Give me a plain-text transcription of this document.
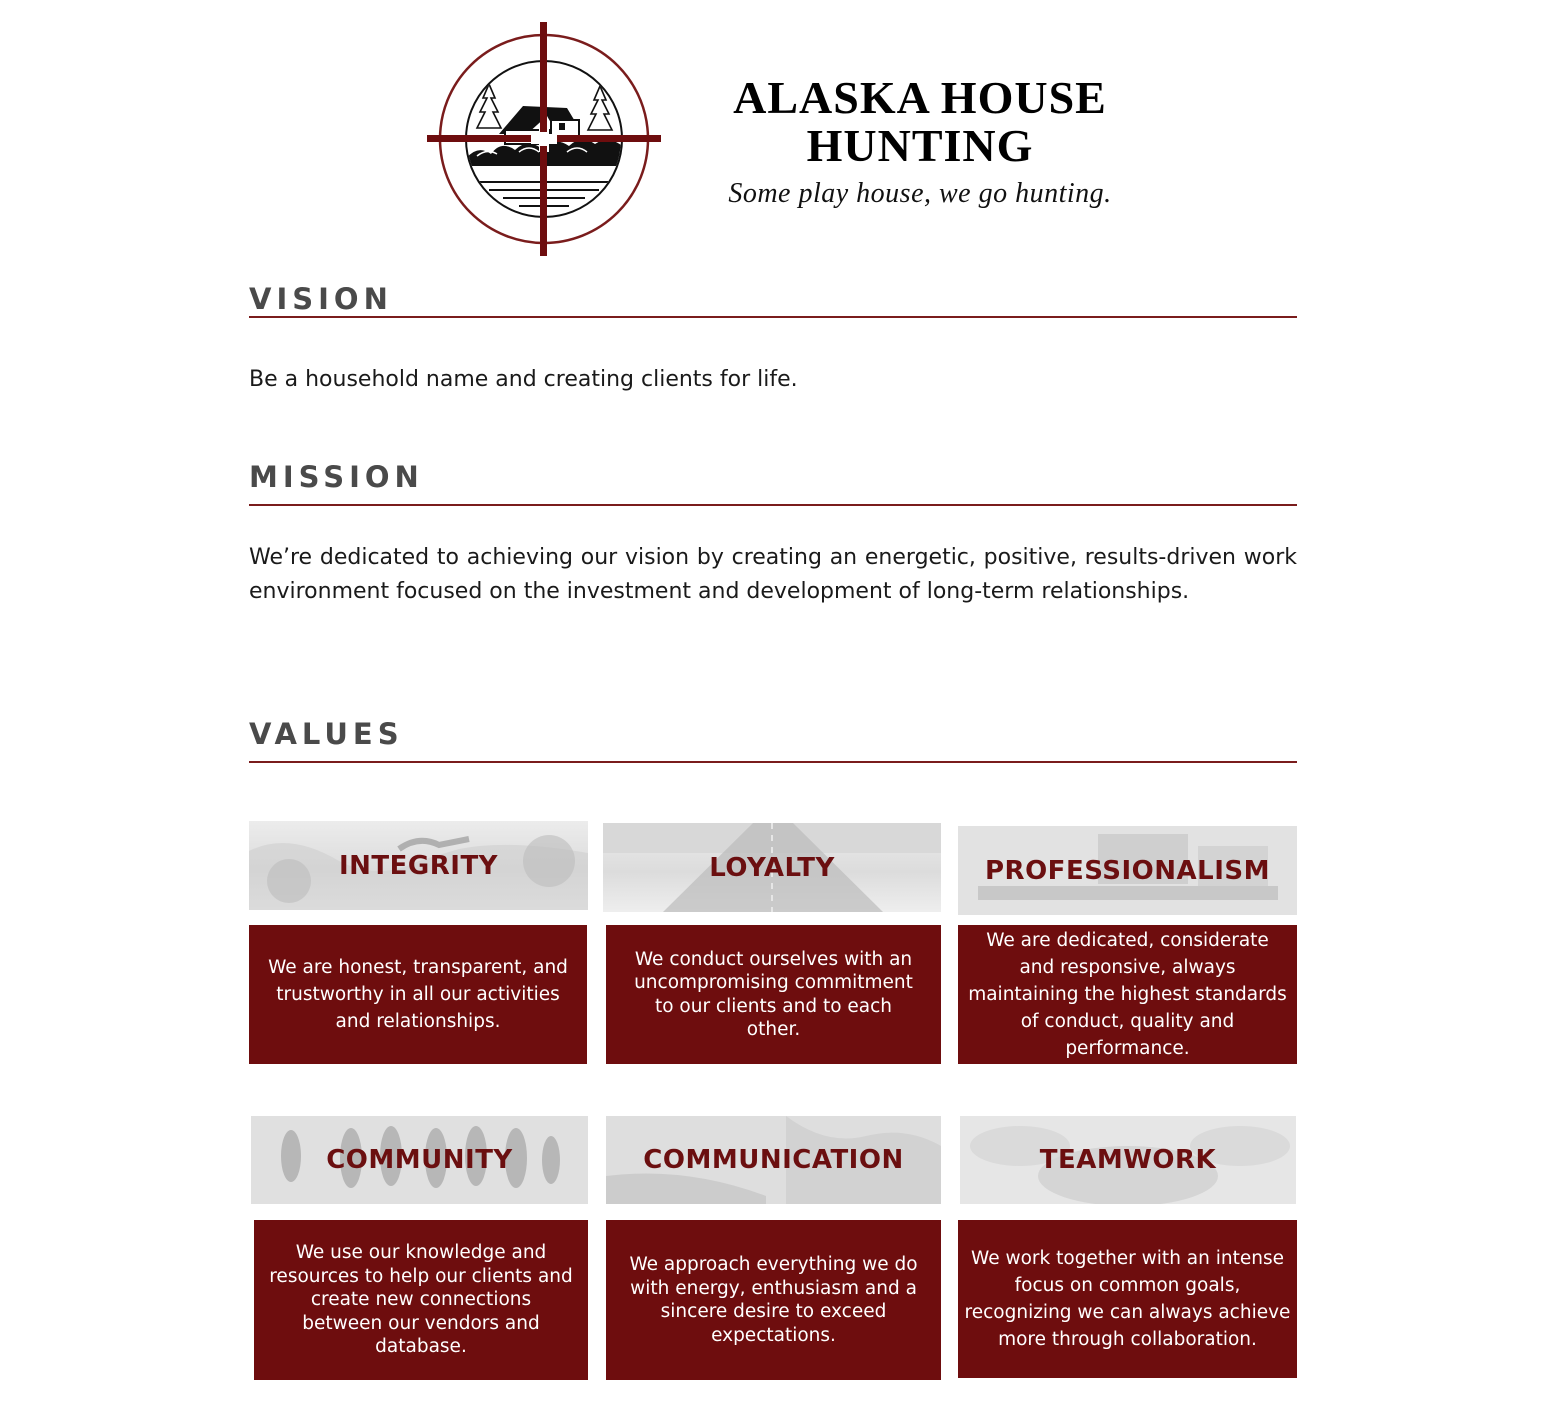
ALASKA HOUSE HUNTING
Some play house, we go hunting.
VISION
Be a household name and creating clients for life.
MISSION
We’re dedicated to achieving our vision by creating an energetic, positive, results-driven work environment focused on the investment and development of long-term relationships.
VALUES
INTEGRITY	LOYALTY	PROFESSIONALISM
We are honest, transparent, and trustworthy in all our activities and relationships.
We conduct ourselves with an uncompromising commitment to our clients and to each other.
We are dedicated, considerate and responsive, always maintaining the highest standards of conduct, quality and performance.
COMMUNITY	COMMUNICATION	TEAMWORK
We use our knowledge and resources to help our clients and create new connections between our vendors and database.
We approach everything we do with energy, enthusiasm and a sincere desire to exceed expectations.
We work together with an intense focus on common goals, recognizing we can always achieve more through collaboration.
